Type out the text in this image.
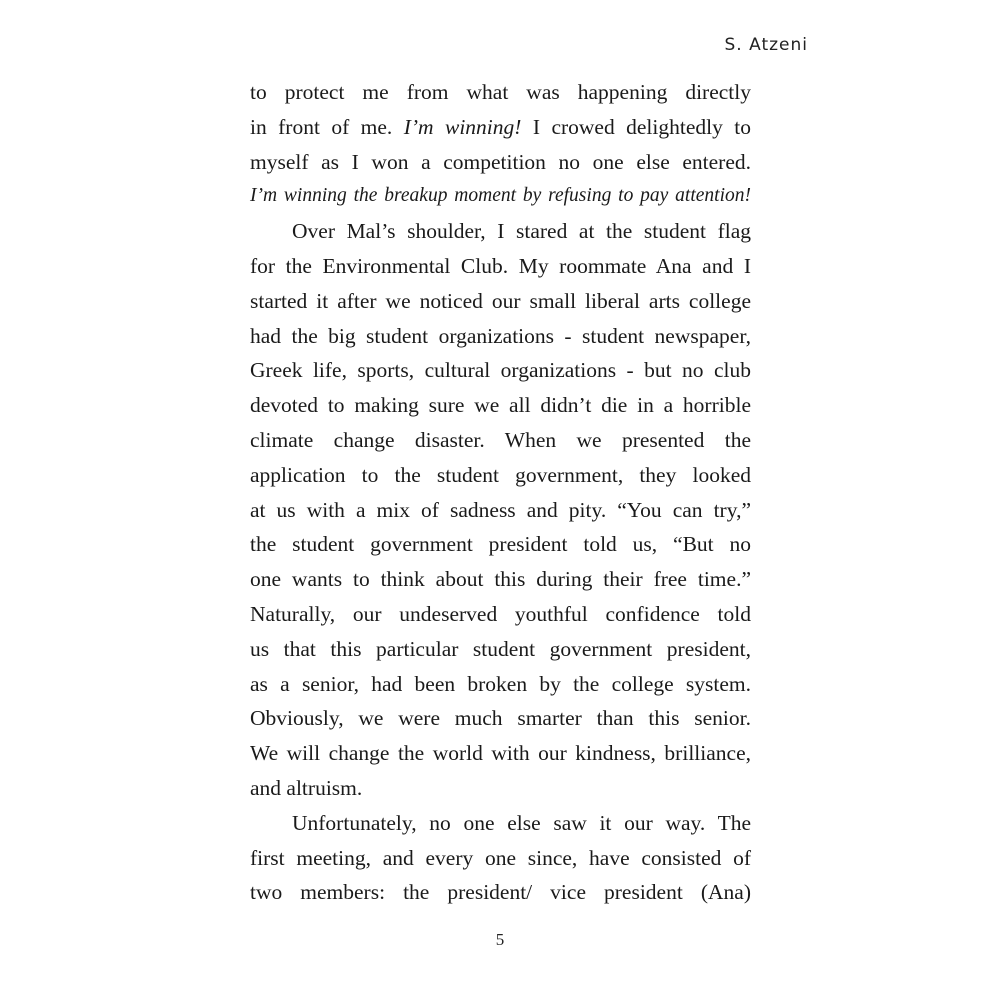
S. Atzeni
to protect me from what was happening directly
in front of me. I’m winning! I crowed delightedly to
myself as I won a competition no one else entered.
I’m winning the breakup moment by refusing to pay attention!
Over Mal’s shoulder, I stared at the student flag
for the Environmental Club. My roommate Ana and I
started it after we noticed our small liberal arts college
had the big student organizations - student newspaper,
Greek life, sports, cultural organizations - but no club
devoted to making sure we all didn’t die in a horrible
climate change disaster. When we presented the
application to the student government, they looked
at us with a mix of sadness and pity. “You can try,”
the student government president told us, “But no
one wants to think about this during their free time.”
Naturally, our undeserved youthful confidence told
us that this particular student government president,
as a senior, had been broken by the college system.
Obviously, we were much smarter than this senior.
We will change the world with our kindness, brilliance,
and altruism.
Unfortunately, no one else saw it our way. The
first meeting, and every one since, have consisted of
two members: the president/ vice president (Ana)
5
